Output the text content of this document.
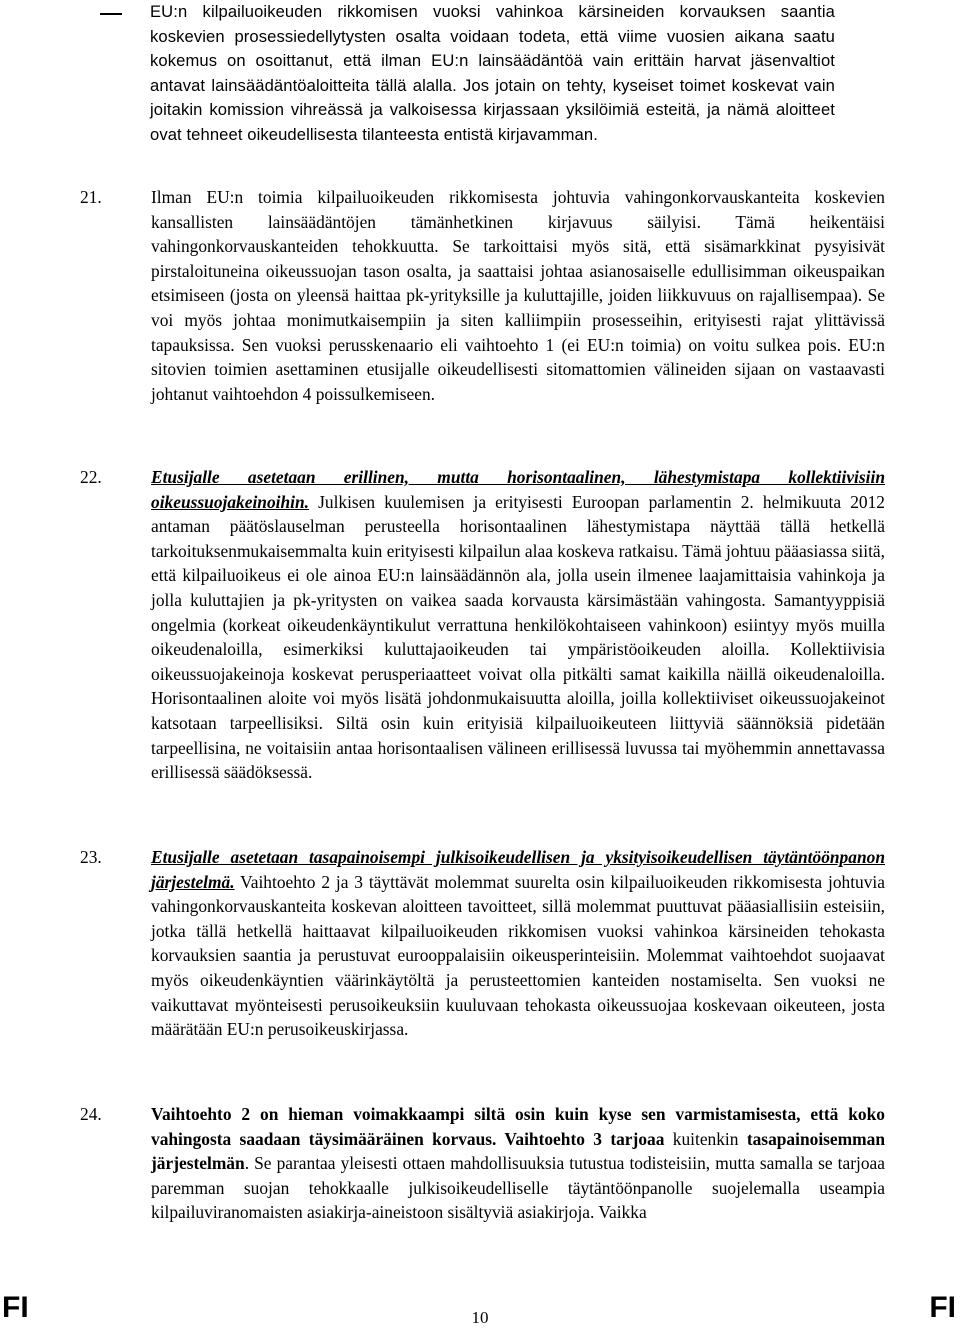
EU:n kilpailuoikeuden rikkomisen vuoksi vahinkoa kärsineiden korvauksen saantia koskevien prosessiedellytysten osalta voidaan todeta, että viime vuosien aikana saatu kokemus on osoittanut, että ilman EU:n lainsäädäntöä vain erittäin harvat jäsenvaltiot antavat lainsäädäntöaloitteita tällä alalla. Jos jotain on tehty, kyseiset toimet koskevat vain joitakin komission vihreässä ja valkoisessa kirjassaan yksilöimiä esteitä, ja nämä aloitteet ovat tehneet oikeudellisesta tilanteesta entistä kirjavamman.

21.	Ilman EU:n toimia kilpailuoikeuden rikkomisesta johtuvia vahingonkorvauskanteita koskevien kansallisten lainsäädäntöjen tämänhetkinen kirjavuus säilyisi. Tämä heikentäisi vahingonkorvauskanteiden tehokkuutta. Se tarkoittaisi myös sitä, että sisämarkkinat pysyisivät pirstaloituneina oikeussuojan tason osalta, ja saattaisi johtaa asianosaiselle edullisimman oikeuspaikan etsimiseen (josta on yleensä haittaa pk-yrityksille ja kuluttajille, joiden liikkuvuus on rajallisempaa). Se voi myös johtaa monimutkaisempiin ja siten kalliimpiin prosesseihin, erityisesti rajat ylittävissä tapauksissa. Sen vuoksi perusskenaario eli vaihtoehto 1 (ei EU:n toimia) on voitu sulkea pois. EU:n sitovien toimien asettaminen etusijalle oikeudellisesti sitomattomien välineiden sijaan on vastaavasti johtanut vaihtoehdon 4 poissulkemiseen.

22.	Etusijalle asetetaan erillinen, mutta horisontaalinen, lähestymistapa kollektiivisiin oikeussuojakeinoihin. Julkisen kuulemisen ja erityisesti Euroopan parlamentin 2. helmikuuta 2012 antaman päätöslauselman perusteella horisontaalinen lähestymistapa näyttää tällä hetkellä tarkoituksenmukaisemmalta kuin erityisesti kilpailun alaa koskeva ratkaisu. Tämä johtuu pääasiassa siitä, että kilpailuoikeus ei ole ainoa EU:n lainsäädännön ala, jolla usein ilmenee laajamittaisia vahinkoja ja jolla kuluttajien ja pk-yritysten on vaikea saada korvausta kärsimästään vahingosta. Samantyyppisiä ongelmia (korkeat oikeudenkäyntikulut verrattuna henkilökohtaiseen vahinkoon) esiintyy myös muilla oikeudenaloilla, esimerkiksi kuluttajaoikeuden tai ympäristöoikeuden aloilla. Kollektiivisia oikeussuojakeinoja koskevat perusperiaatteet voivat olla pitkälti samat kaikilla näillä oikeudenaloilla. Horisontaalinen aloite voi myös lisätä johdonmukaisuutta aloilla, joilla kollektiiviset oikeussuojakeinot katsotaan tarpeellisiksi. Siltä osin kuin erityisiä kilpailuoikeuteen liittyviä säännöksiä pidetään tarpeellisina, ne voitaisiin antaa horisontaalisen välineen erillisessä luvussa tai myöhemmin annettavassa erillisessä säädöksessä.

23.	Etusijalle asetetaan tasapainoisempi julkisoikeudellisen ja yksityisoikeudellisen täytäntöönpanon järjestelmä. Vaihtoehto 2 ja 3 täyttävät molemmat suurelta osin kilpailuoikeuden rikkomisesta johtuvia vahingonkorvauskanteita koskevan aloitteen tavoitteet, sillä molemmat puuttuvat pääasiallisiin esteisiin, jotka tällä hetkellä haittaavat kilpailuoikeuden rikkomisen vuoksi vahinkoa kärsineiden tehokasta korvauksien saantia ja perustuvat eurooppalaisiin oikeusperinteisiin. Molemmat vaihtoehdot suojaavat myös oikeudenkäyntien väärinkäytöltä ja perusteettomien kanteiden nostamiselta. Sen vuoksi ne vaikuttavat myönteisesti perusoikeuksiin kuuluvaan tehokasta oikeussuojaa koskevaan oikeuteen, josta määrätään EU:n perusoikeuskirjassa.

24.	Vaihtoehto 2 on hieman voimakkaampi siltä osin kuin kyse sen varmistamisesta, että koko vahingosta saadaan täysimääräinen korvaus. Vaihtoehto 3 tarjoaa kuitenkin tasapainoisemman järjestelmän. Se parantaa yleisesti ottaen mahdollisuuksia tutustua todisteisiin, mutta samalla se tarjoaa paremman suojan tehokkaalle julkisoikeudelliselle täytäntöönpanolle suojelemalla useampia kilpailuviranomaisten asiakirja-aineistoon sisältyviä asiakirjoja. Vaikka

FI	10	FI
